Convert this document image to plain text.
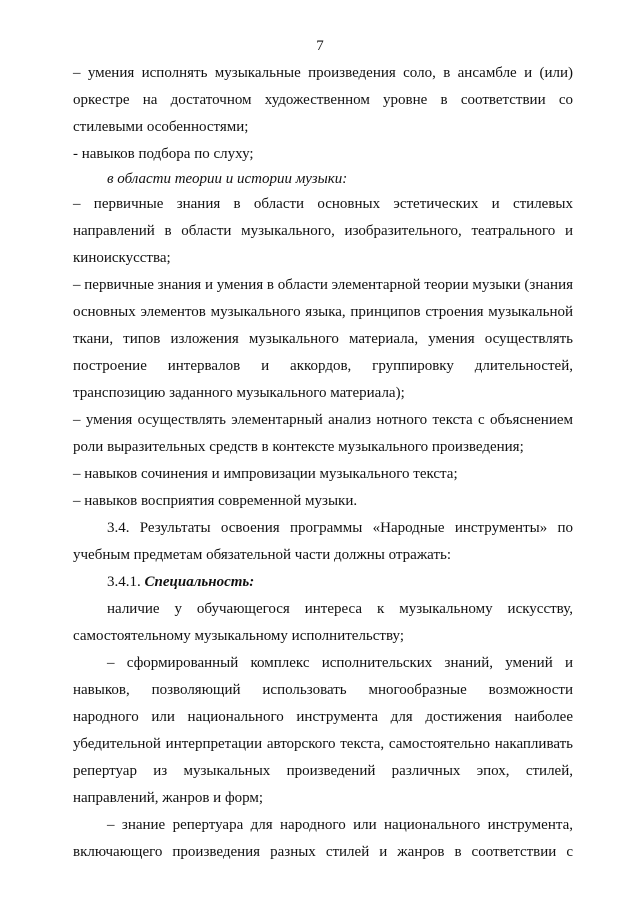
7
– умения исполнять музыкальные произведения соло, в ансамбле и (или)
оркестре на достаточном художественном уровне в соответствии со
стилевыми особенностями;
- навыков подбора по слуху;
в области теории и истории музыки:
– первичные знания в области основных эстетических и стилевых
направлений в области музыкального, изобразительного, театрального и
киноискусства;
– первичные знания и умения в области элементарной теории музыки (знания
основных элементов музыкального языка, принципов строения музыкальной
ткани, типов изложения музыкального материала, умения осуществлять
построение интервалов и аккордов, группировку длительностей,
транспозицию заданного музыкального материала);
– умения осуществлять элементарный анализ нотного текста с объяснением
роли выразительных средств в контексте музыкального произведения;
– навыков сочинения и импровизации музыкального текста;
– навыков восприятия современной музыки.
3.4. Результаты освоения программы «Народные инструменты» по
учебным предметам обязательной части должны отражать:
3.4.1. Специальность:
наличие у обучающегося интереса к музыкальному искусству,
самостоятельному музыкальному исполнительству;
– сформированный комплекс исполнительских знаний, умений и
навыков, позволяющий использовать многообразные возможности
народного или национального инструмента для достижения наиболее
убедительной интерпретации авторского текста, самостоятельно накапливать
репертуар из музыкальных произведений различных эпох, стилей,
направлений, жанров и форм;
– знание репертуара для народного или национального инструмента,
включающего произведения разных стилей и жанров в соответствии с
